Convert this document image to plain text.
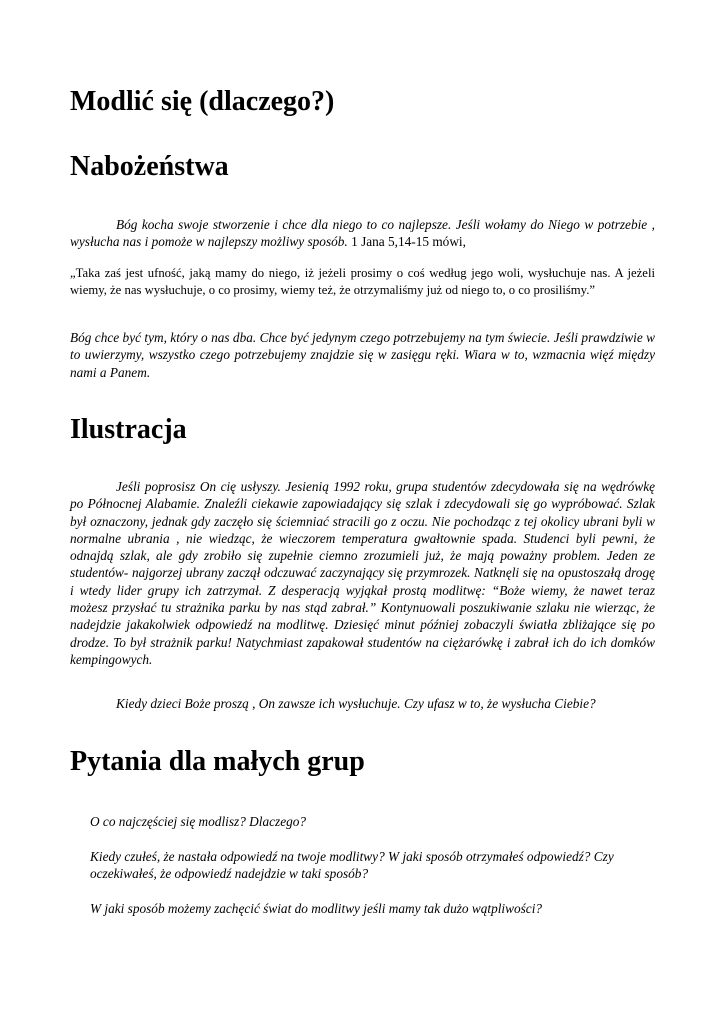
Modlić się (dlaczego?)
Nabożeństwa

Bóg kocha swoje stworzenie i chce dla niego to co najlepsze. Jeśli wołamy do Niego w potrzebie , wysłucha nas i pomoże w najlepszy możliwy sposób. 1 Jana 5,14-15 mówi,

„Taka zaś jest ufność, jaką mamy do niego, iż jeżeli prosimy o coś według jego woli, wysłuchuje nas. A jeżeli wiemy, że nas wysłuchuje, o co prosimy, wiemy też, że otrzymaliśmy już od niego to, o co prosiliśmy.”

Bóg chce być tym, który o nas dba. Chce być jedynym czego potrzebujemy na tym świecie. Jeśli prawdziwie w to uwierzymy, wszystko czego potrzebujemy znajdzie się w zasięgu ręki. Wiara w to, wzmacnia więź między nami a Panem.

Ilustracja

Jeśli poprosisz On cię usłyszy. Jesienią 1992 roku, grupa studentów zdecydowała się na wędrówkę po Północnej Alabamie. Znaleźli ciekawie zapowiadający się szlak i zdecydowali się go wypróbować. Szlak był oznaczony, jednak gdy zaczęło się ściemniać stracili go z oczu. Nie pochodząc z tej okolicy ubrani byli w normalne ubrania , nie wiedząc, że wieczorem temperatura gwałtownie spada. Studenci byli pewni, że odnajdą szlak, ale gdy zrobiło się zupełnie ciemno zrozumieli już, że mają poważny problem. Jeden ze studentów- najgorzej ubrany zaczął odczuwać zaczynający się przymrozek. Natknęli się na opustoszałą drogę i wtedy lider grupy ich zatrzymał. Z desperacją wyjąkał prostą modlitwę: “Boże wiemy, że nawet teraz możesz przysłać tu strażnika parku by nas stąd zabrał.” Kontynuowali poszukiwanie szlaku nie wierząc, że nadejdzie jakakolwiek odpowiedź na modlitwę. Dziesięć minut później zobaczyli światła zbliżające się po drodze. To był strażnik parku! Natychmiast zapakował studentów na ciężarówkę i zabrał ich do ich domków kempingowych.

Kiedy dzieci Boże proszą , On zawsze ich wysłuchuje. Czy ufasz w to, że wysłucha Ciebie?

Pytania dla małych grup

O co najczęściej się modlisz? Dlaczego?

Kiedy czułeś, że nastała odpowiedź na twoje modlitwy? W jaki sposób otrzymałeś odpowiedź? Czy oczekiwałeś, że odpowiedź nadejdzie w taki sposób?

W jaki sposób możemy zachęcić świat do modlitwy jeśli mamy tak dużo wątpliwości?
